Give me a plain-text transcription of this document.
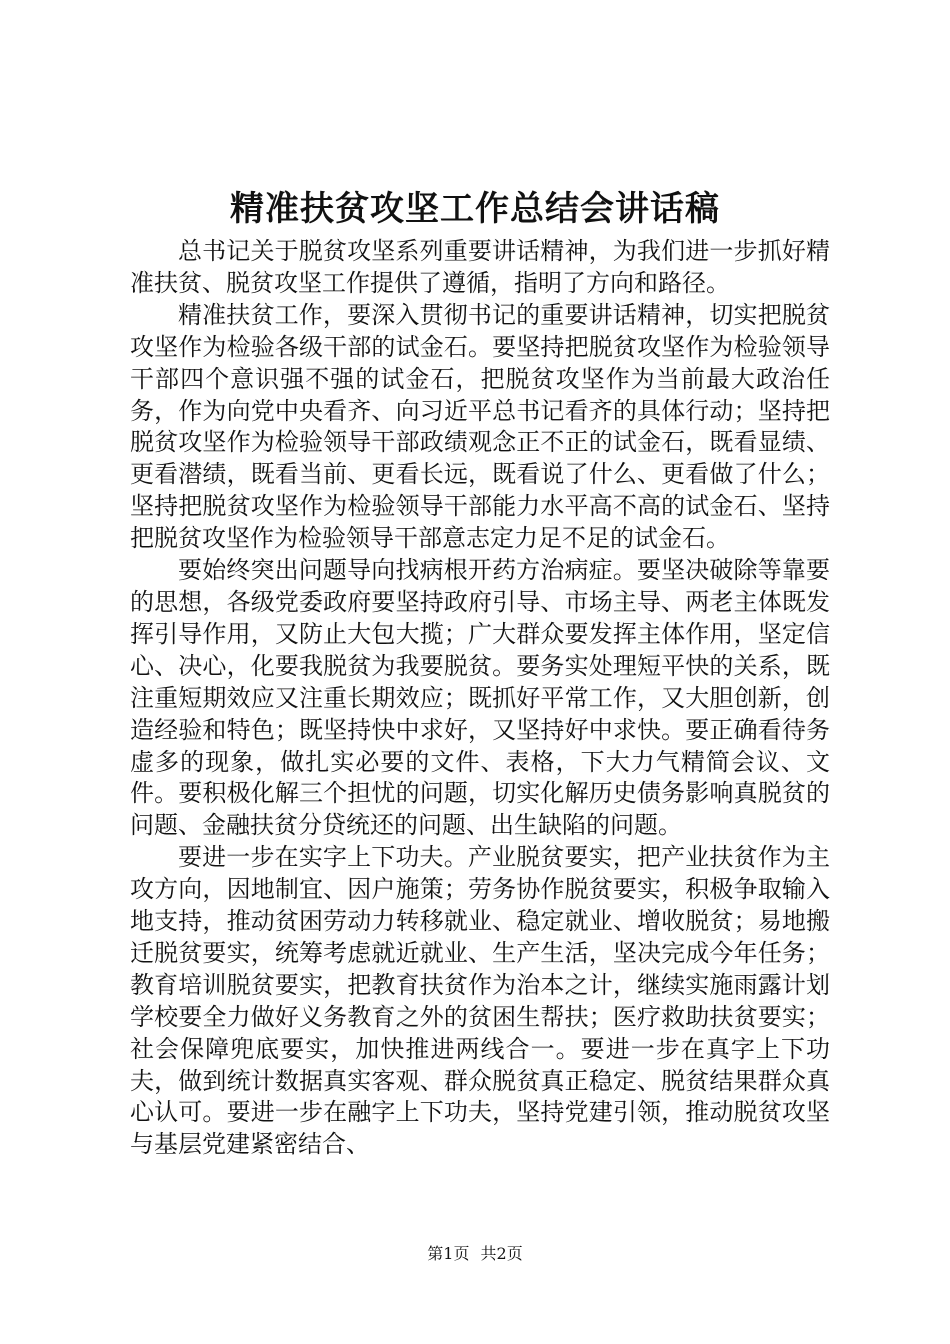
精准扶贫攻坚工作总结会讲话稿

总书记关于脱贫攻坚系列重要讲话精神，为我们进一步抓好精准扶贫、脱贫攻坚工作提供了遵循，指明了方向和路径。

精准扶贫工作，要深入贯彻书记的重要讲话精神，切实把脱贫攻坚作为检验各级干部的试金石。要坚持把脱贫攻坚作为检验领导干部四个意识强不强的试金石，把脱贫攻坚作为当前最大政治任务，作为向党中央看齐、向习近平总书记看齐的具体行动；坚持把脱贫攻坚作为检验领导干部政绩观念正不正的试金石，既看显绩、更看潜绩，既看当前、更看长远，既看说了什么、更看做了什么；坚持把脱贫攻坚作为检验领导干部能力水平高不高的试金石、坚持把脱贫攻坚作为检验领导干部意志定力足不足的试金石。

要始终突出问题导向找病根开药方治病症。要坚决破除等靠要的思想，各级党委政府要坚持政府引导、市场主导、两老主体既发挥引导作用，又防止大包大揽；广大群众要发挥主体作用，坚定信心、决心，化要我脱贫为我要脱贫。要务实处理短平快的关系，既注重短期效应又注重长期效应；既抓好平常工作，又大胆创新，创造经验和特色；既坚持快中求好，又坚持好中求快。要正确看待务虚多的现象，做扎实必要的文件、表格，下大力气精简会议、文件。要积极化解三个担忧的问题，切实化解历史债务影响真脱贫的问题、金融扶贫分贷统还的问题、出生缺陷的问题。

要进一步在实字上下功夫。产业脱贫要实，把产业扶贫作为主攻方向，因地制宜、因户施策；劳务协作脱贫要实，积极争取输入地支持，推动贫困劳动力转移就业、稳定就业、增收脱贫；易地搬迁脱贫要实，统筹考虑就近就业、生产生活，坚决完成今年任务；教育培训脱贫要实，把教育扶贫作为治本之计，继续实施雨露计划学校要全力做好义务教育之外的贫困生帮扶；医疗救助扶贫要实；社会保障兜底要实，加快推进两线合一。要进一步在真字上下功夫，做到统计数据真实客观、群众脱贫真正稳定、脱贫结果群众真心认可。要进一步在融字上下功夫，坚持党建引领，推动脱贫攻坚与基层党建紧密结合、

第1页 共2页
